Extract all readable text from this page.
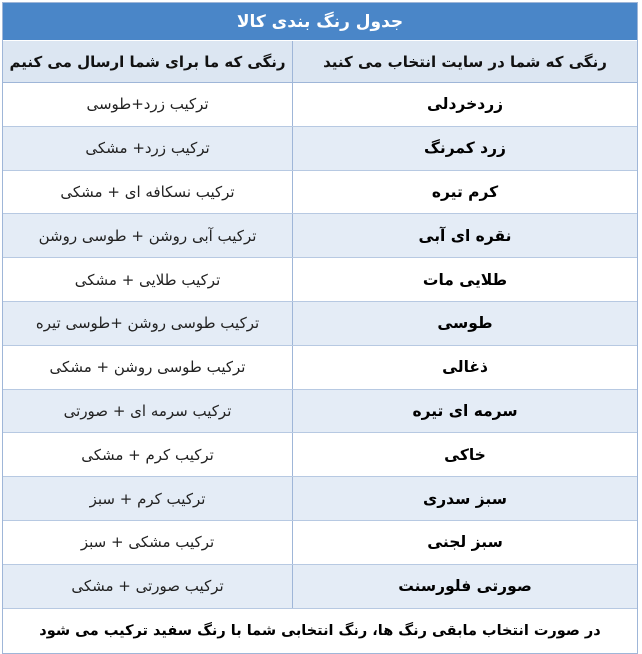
جدول رنگ بندی کالا
رنگی که شما در سایت انتخاب می کنید
رنگی که ما برای شما ارسال می کنیم
زردخردلی
ترکیب زرد+طوسی
زرد کمرنگ
ترکیب زرد+ مشکی
کرم تیره
ترکیب نسکافه ای + مشکی
نقره ای آبی
ترکیب آبی روشن + طوسی روشن
طلایی مات
ترکیب طلایی + مشکی
طوسی
ترکیب طوسی روشن +طوسی تیره
ذغالی
ترکیب طوسی روشن + مشکی
سرمه ای تیره
ترکیب سرمه ای + صورتی
خاکی
ترکیب کرم + مشکی
سبز سدری
ترکیب کرم + سبز
سبز لجنی
ترکیب مشکی + سبز
صورتی فلورسنت
ترکیب صورتی + مشکی
در صورت انتخاب مابقی رنگ ها، رنگ انتخابی شما با رنگ سفید ترکیب می شود
